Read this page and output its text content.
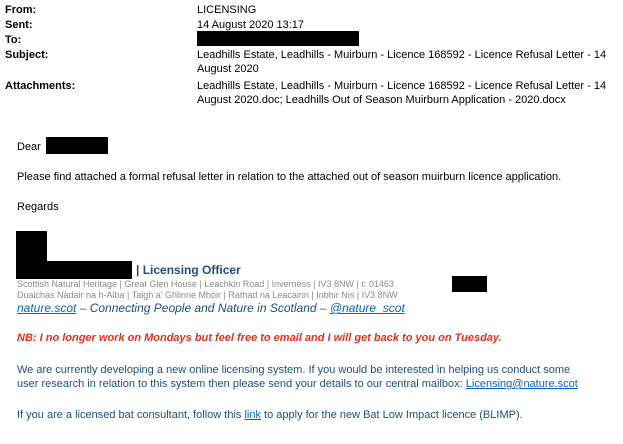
From:	LICENSING
Sent:	14 August 2020 13:17
To:
Subject:	Leadhills Estate, Leadhills - Muirburn - Licence 168592 - Licence Refusal Letter - 14
August 2020
Attachments:	Leadhills Estate, Leadhills - Muirburn - Licence 168592 - Licence Refusal Letter - 14
August 2020.doc; Leadhills Out of Season Muirburn Application - 2020.docx
Dear
Please find attached a formal refusal letter in relation to the attached out of season muirburn licence application.
Regards
| Licensing Officer
Scottish Natural Heritage | Great Glen House | Leachkin Road | Inverness | IV3 8NW | t: 01463
Dualchas Nàdair na h-Alba | Taigh a' Ghlinne Mhòir | Rathad na Leacainn | Inbhir Nis | IV3 8NW
nature.scot – Connecting People and Nature in Scotland – @nature_scot
NB: I no longer work on Mondays but feel free to email and I will get back to you on Tuesday.
We are currently developing a new online licensing system. If you would be interested in helping us conduct some
user research in relation to this system then please send your details to our central mailbox: Licensing@nature.scot
If you are a licensed bat consultant, follow this link to apply for the new Bat Low Impact licence (BLIMP).
